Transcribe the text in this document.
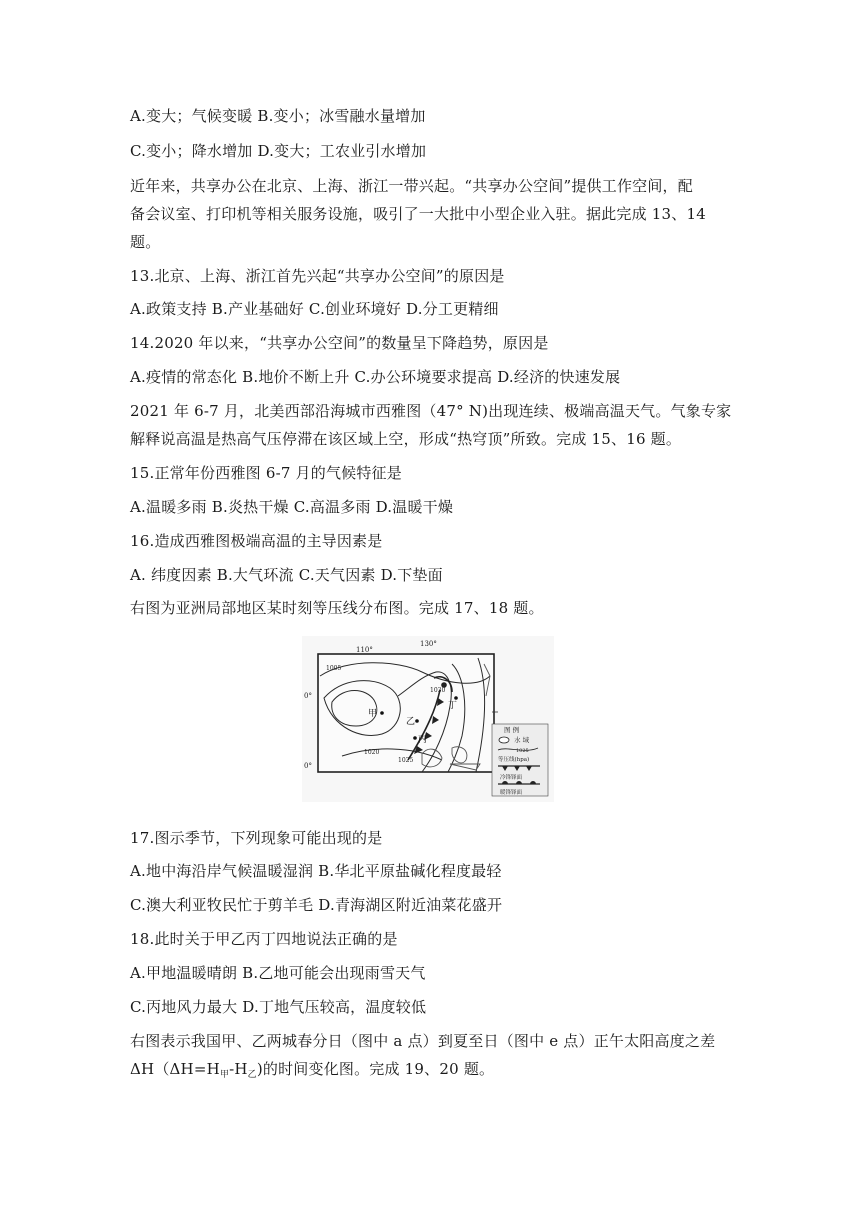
A.变大；气候变暖 B.变小；冰雪融水量增加
C.变小；降水增加 D.变大；工农业引水增加
近年来，共享办公在北京、上海、浙江一带兴起。“共享办公空间”提供工作空间，配
备会议室、打印机等相关服务设施，吸引了一大批中小型企业入驻。据此完成 13、14
题。
13.北京、上海、浙江首先兴起“共享办公空间”的原因是
A.政策支持 B.产业基础好 C.创业环境好 D.分工更精细
14.2020 年以来，“共享办公空间”的数量呈下降趋势，原因是
A.疫情的常态化 B.地价不断上升 C.办公环境要求提高 D.经济的快速发展
2021 年 6-7 月，北美西部沿海城市西雅图（47° N)出现连续、极端高温天气。气象专家
解释说高温是热高气压停滞在该区域上空，形成“热穹顶”所致。完成 15、16 题。
15.正常年份西雅图 6-7 月的气候特征是
A.温暖多雨 B.炎热干燥 C.高温多雨 D.温暖干燥
16.造成西雅图极端高温的主导因素是
A. 纬度因素 B.大气环流 C.天气因素 D.下垫面
右图为亚洲局部地区某时刻等压线分布图。完成 17、18 题。
110°
130°
0°
0°
1005
1020
1025
1030
甲
乙
丙
丁
图 例
水 域
1025
等压线(hpa)
冷锋锋面
暖锋锋面
17.图示季节，下列现象可能出现的是
A.地中海沿岸气候温暖湿润 B.华北平原盐碱化程度最轻
C.澳大利亚牧民忙于剪羊毛 D.青海湖区附近油菜花盛开
18.此时关于甲乙丙丁四地说法正确的是
A.甲地温暖晴朗 B.乙地可能会出现雨雪天气
C.丙地风力最大 D.丁地气压较高，温度较低
右图表示我国甲、乙两城春分日（图中 a 点）到夏至日（图中 e 点）正午太阳高度之差
$\Delta H(\Delta H=H_甲-H_乙)$的时间变化图。完成 19、20 题。
